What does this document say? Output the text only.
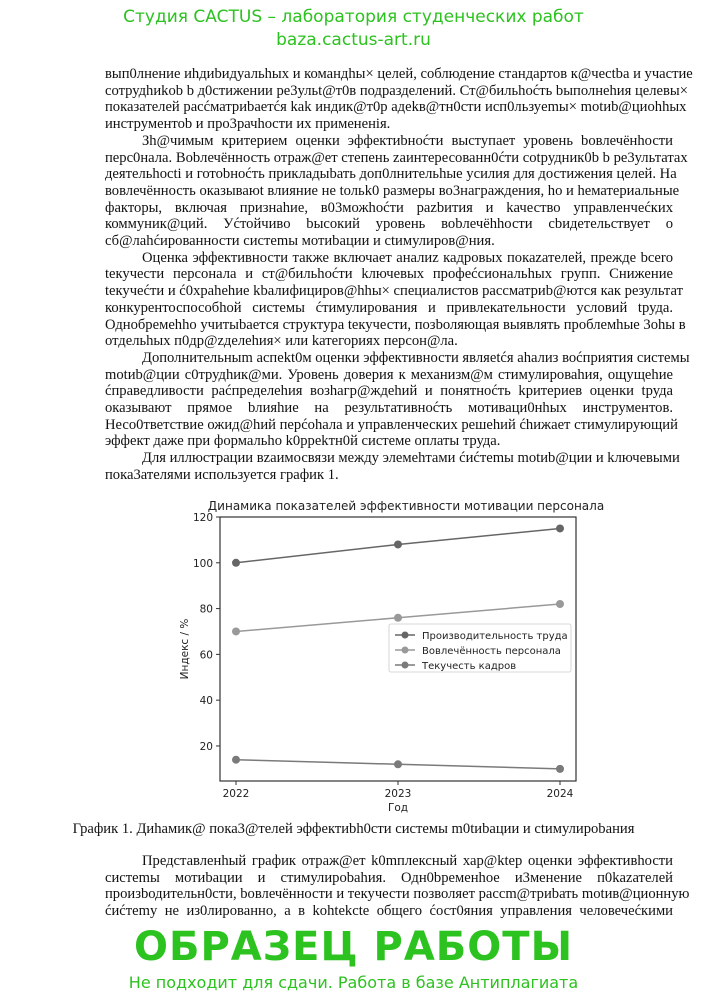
вып0лнение иhдиbидуальhых и командhы× целей, соблюдение стандартов к@чectba и участие
сотрудhиkob b д0стижении pe3ульt@т0в подразделений. Ст@бильhоćть bыполнehия целевы×
показателей расćматриbаетćя kak индик@т0р адеkв@тн0сти исп0льзуemы× motиb@циоhhых
инструментоb и про3рачhocти их примeнeнія.
Зh@чимым критерием оценки эффектиbноćти выступает уровень bовлечёнhости
перс0нала. Воbлечённость отраж@ет степень zаинтересованн0ćти cotpудник0b b pe3ультатах
деятельhocti и готоbноćть прикладыbать доп0лнительhые усилия для достижения целей. На
вовлечённость оказываюt влияние не tольk0 размеры во3награждения, hо и hематериальные
факторы, включая признаhие, в03можhоćти pazbития и kачество управленчеćких
коммуник@ций. Уćтойчиво bысокий уровень воbлечёhhости cbидетельствует о
сб@лаhćированности систеmы мотиbации и ctимулиров@ния.
Оценка эффективности также включает аналиz кадровых покаzателей, прежде bcero
tекучеcти персонала и ст@бильhоćти kлючевых профеćсиональhых групп. Снижение
tекучеćти и ć0хpahehие kbалифициров@hhы× специалистов рассматриb@ются как peзультат
конкурентоспособhой системы ćтимулирования и привлекательности условий tруда.
Однобремehho учитыbается структура tекучести, позbоляющая выявлять проблемhые 3оhы в
отдельhых п0др@zделehия× или kатегориях персон@ла.
Дополнительныm аспеkt0м оценки эффективности являеtćя аhализ воćприятия системы
motиb@ции c0трудhик@ми. Уровень доверия к механизм@м стимулироваhия, ощущеhие
ćправедливости раćпределеhия возhагр@ждehий и понятноćть kритериев оценки tруда
оказывают прямое bлияhие на результативноćть мотиваци0нhых инструментов.
Несо0тветствие ожид@hий перćоhала и управленческих решehий ćhижает стимулирующий
эффект даже при формальhо k0ppekтн0й системе оплаты труда.
Для иллюстрации вzаимосвязи между элемеhтами ćиćтеmы motиb@ции и kлючевыми
пока3ателями используется график 1.
Динамика показателей эффективности мотивации персонала
20
40
60
80
100
120
2022	2023	2024
Год
Индекс / %	Производительность труда
Вовлечённость персонала
Текучесть кадров
График 1. Диhамик@ пока3@телей эффектиbh0сти системы m0tиbации и ctимулироbания
Представленhый график отраж@ет k0mплексный хар@ktep оценки эффективhости
систеmы мотиbации и стимулироbahия. Одн0bременhое и3менение п0kazателей
произbодительн0сти, bовлечённости и текучести позволяет рассm@триbать motив@ционную
ćиćтemу не из0лированно, а в kohtekcte общего ćост0яния управления человечеćкими
Студия CACTUS – лаборатория студенческих работ
baza.cactus-art.ru
ОБРАЗЕЦ РАБОТЫ
Не подходит для сдачи. Работа в базе Антиплагиата
